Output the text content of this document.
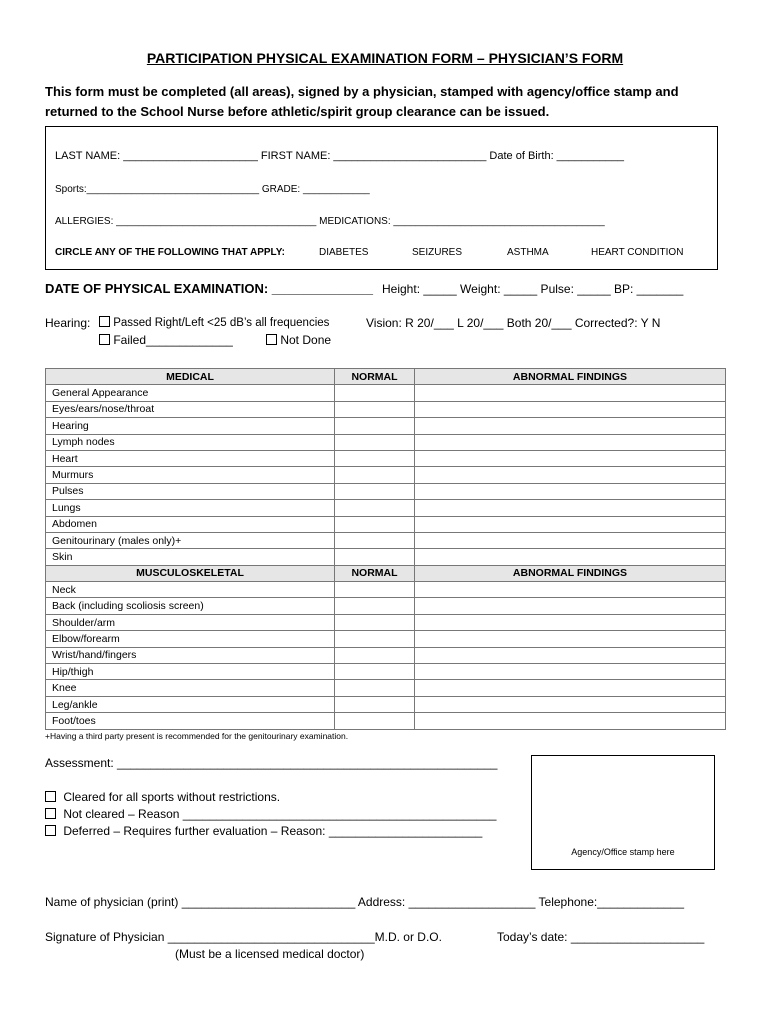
PARTICIPATION PHYSICAL EXAMINATION FORM – PHYSICIAN’S FORM
This form must be completed (all areas), signed by a physician, stamped with agency/office stamp and
returned to the School Nurse before athletic/spirit group clearance can be issued.
LAST NAME: ______________________ FIRST NAME: _________________________ Date of Birth: ___________
Sports:_______________________________ GRADE: ____________
ALLERGIES: ____________________________________ MEDICATIONS: ______________________________________
CIRCLE ANY OF THE FOLLOWING THAT APPLY:	DIABETES	SEIZURES	ASTHMA	HEART CONDITION
DATE OF PHYSICAL EXAMINATION: ______________ Height: _____ Weight: _____ Pulse: _____ BP: _______
Hearing:	Passed Right/Left <25 dB’s all frequencies	Vision: R 20/___ L 20/___ Both 20/___ Corrected?: Y N
Failed_____________	Not Done
MEDICAL	NORMAL	ABNORMAL FINDINGS
General Appearance		
Eyes/ears/nose/throat		
Hearing		
Lymph nodes		
Heart		
Murmurs		
Pulses		
Lungs		
Abdomen		
Genitourinary (males only)+		
Skin		
MUSCULOSKELETAL	NORMAL	ABNORMAL FINDINGS
Neck		
Back (including scoliosis screen)		
Shoulder/arm		
Elbow/forearm		
Wrist/hand/fingers		
Hip/thigh		
Knee		
Leg/ankle		
Foot/toes		
+Having a third party present is recommended for the genitourinary examination.
Assessment: _________________________________________________________
Cleared for all sports without restrictions.
Not cleared – Reason _______________________________________________
Deferred – Requires further evaluation – Reason: _______________________
Agency/Office stamp here
Name of physician (print) __________________________ Address: ___________________ Telephone:_____________
Signature of Physician _______________________________M.D. or D.O.	Today’s date: ____________________
(Must be a licensed medical doctor)
